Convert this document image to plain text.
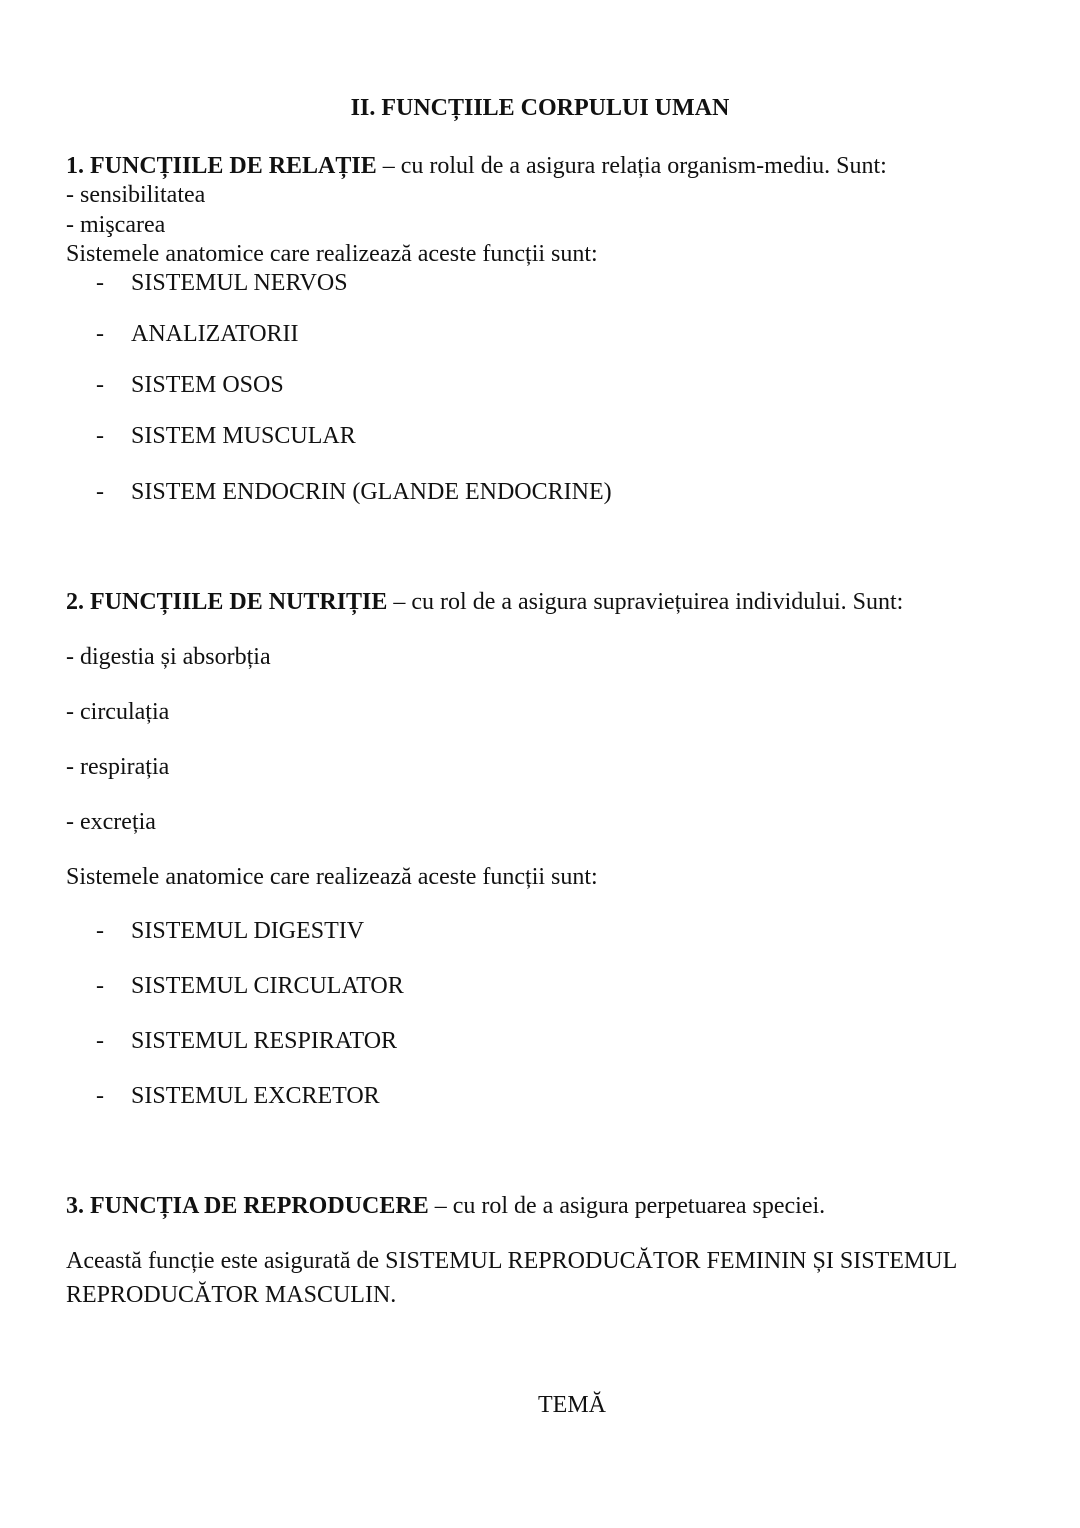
II. FUNCȚIILE CORPULUI UMAN
1. FUNCȚIILE DE RELAȚIE – cu rolul de a asigura relația organism-mediu. Sunt:
- sensibilitatea
- mişcarea
Sistemele anatomice care realizează aceste funcții sunt:
- SISTEMUL NERVOS
- ANALIZATORII
- SISTEM OSOS
- SISTEM MUSCULAR
- SISTEM ENDOCRIN (GLANDE ENDOCRINE)
2. FUNCȚIILE DE NUTRIȚIE – cu rol de a asigura supraviețuirea individului. Sunt:
- digestia și absorbția
- circulația
- respirația
- excreția
Sistemele anatomice care realizează aceste funcții sunt:
- SISTEMUL DIGESTIV
- SISTEMUL CIRCULATOR
- SISTEMUL RESPIRATOR
- SISTEMUL EXCRETOR
3. FUNCȚIA DE REPRODUCERE – cu rol de a asigura perpetuarea speciei.
Această funcție este asigurată de SISTEMUL REPRODUCĂTOR FEMININ ȘI SISTEMUL
REPRODUCĂTOR MASCULIN.
TEMĂ
